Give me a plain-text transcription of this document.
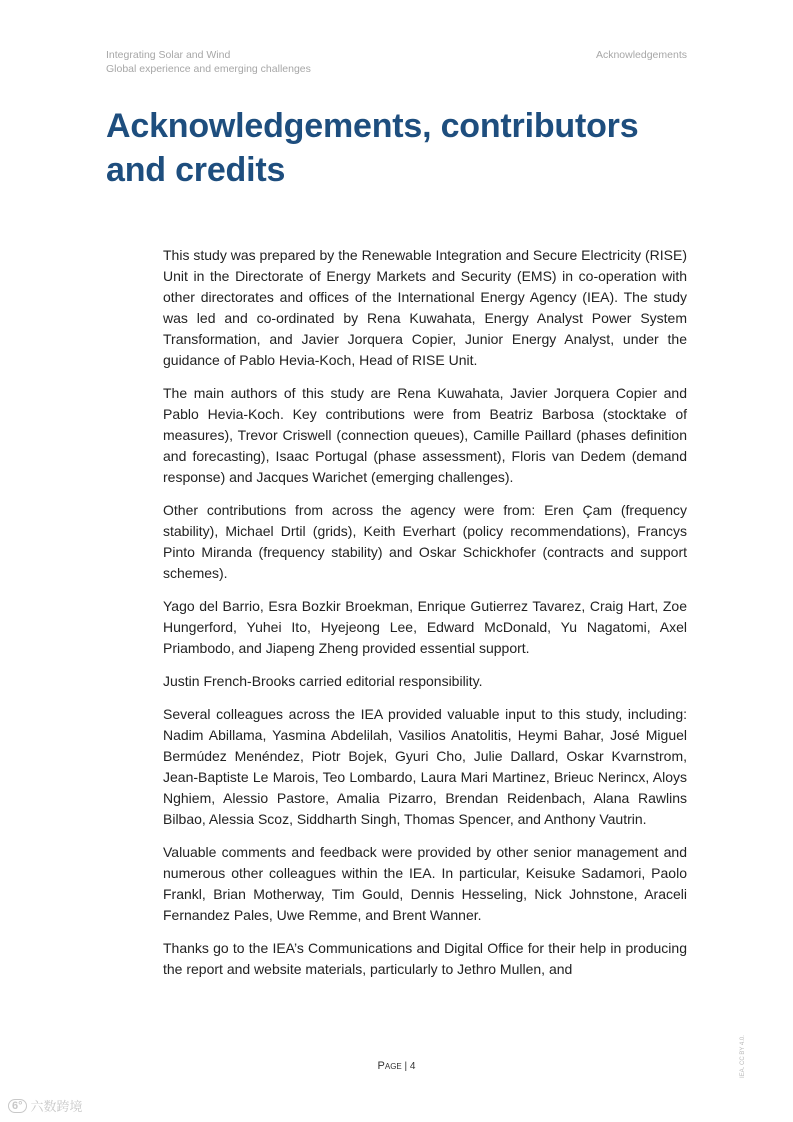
Integrating Solar and Wind
Global experience and emerging challenges
Acknowledgements
Acknowledgements, contributors
and credits

This study was prepared by the Renewable Integration and Secure Electricity (RISE) Unit in the Directorate of Energy Markets and Security (EMS) in co-operation with other directorates and offices of the International Energy Agency (IEA). The study was led and co-ordinated by Rena Kuwahata, Energy Analyst Power System Transformation, and Javier Jorquera Copier, Junior Energy Analyst, under the guidance of Pablo Hevia-Koch, Head of RISE Unit.

The main authors of this study are Rena Kuwahata, Javier Jorquera Copier and Pablo Hevia-Koch. Key contributions were from Beatriz Barbosa (stocktake of measures), Trevor Criswell (connection queues), Camille Paillard (phases definition and forecasting), Isaac Portugal (phase assessment), Floris van Dedem (demand response) and Jacques Warichet (emerging challenges).

Other contributions from across the agency were from: Eren Çam (frequency stability), Michael Drtil (grids), Keith Everhart (policy recommendations), Francys Pinto Miranda (frequency stability) and Oskar Schickhofer (contracts and support schemes).

Yago del Barrio, Esra Bozkir Broekman, Enrique Gutierrez Tavarez, Craig Hart, Zoe Hungerford, Yuhei Ito, Hyejeong Lee, Edward McDonald, Yu Nagatomi, Axel Priambodo, and Jiapeng Zheng provided essential support.

Justin French-Brooks carried editorial responsibility.

Several colleagues across the IEA provided valuable input to this study, including: Nadim Abillama, Yasmina Abdelilah, Vasilios Anatolitis, Heymi Bahar, José Miguel Bermúdez Menéndez, Piotr Bojek, Gyuri Cho, Julie Dallard, Oskar Kvarnstrom, Jean-Baptiste Le Marois, Teo Lombardo, Laura Mari Martinez, Brieuc Nerincx, Aloys Nghiem, Alessio Pastore, Amalia Pizarro, Brendan Reidenbach, Alana Rawlins Bilbao, Alessia Scoz, Siddharth Singh, Thomas Spencer, and Anthony Vautrin.

Valuable comments and feedback were provided by other senior management and numerous other colleagues within the IEA. In particular, Keisuke Sadamori, Paolo Frankl, Brian Motherway, Tim Gould, Dennis Hesseling, Nick Johnstone, Araceli Fernandez Pales, Uwe Remme, and Brent Wanner.

Thanks go to the IEA’s Communications and Digital Office for their help in producing the report and website materials, particularly to Jethro Mullen, and

Page | 4	IEA. CC BY 4.0.
6° 六数跨境
